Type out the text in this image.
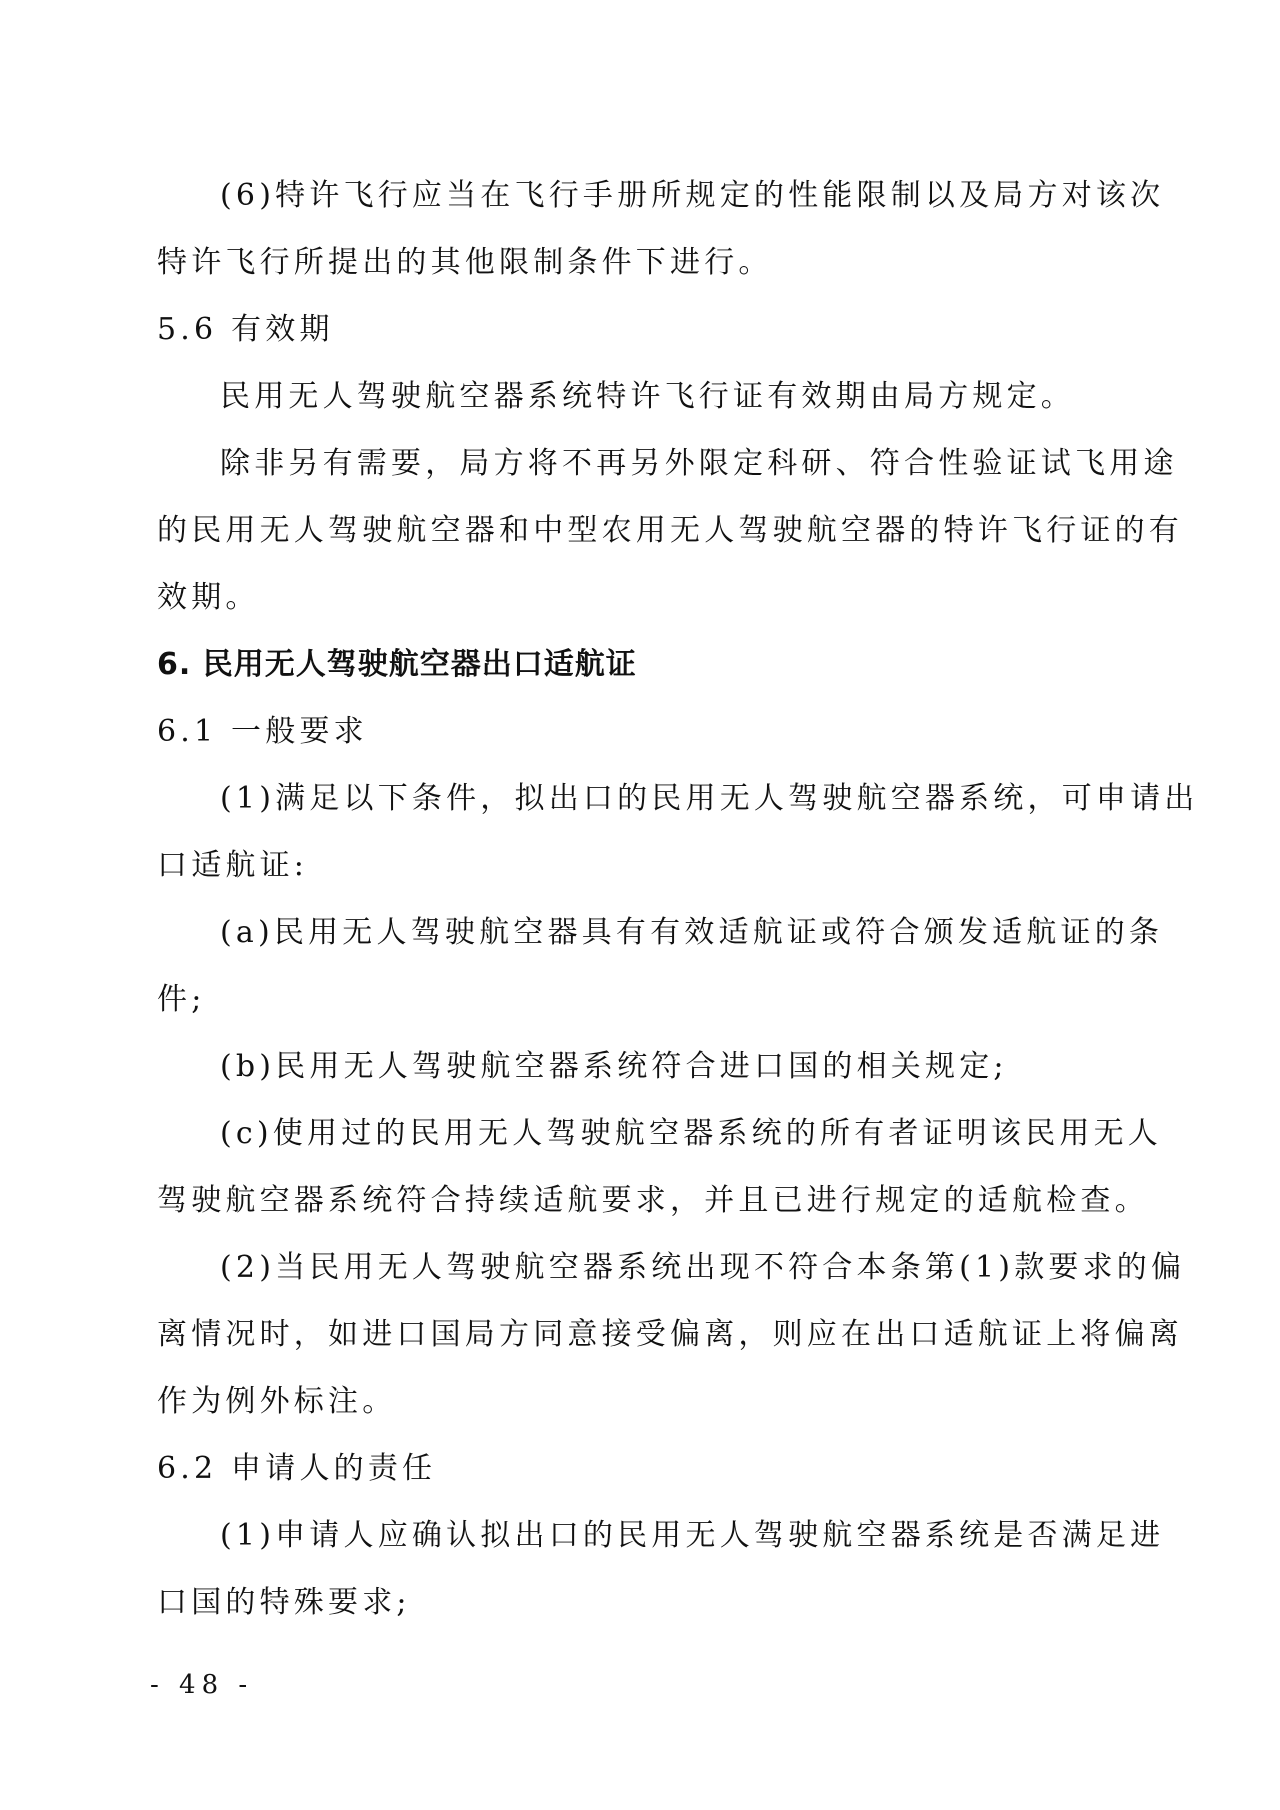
(6)特许飞行应当在飞行手册所规定的性能限制以及局方对该次
特许飞行所提出的其他限制条件下进行。
5.6 有效期
民用无人驾驶航空器系统特许飞行证有效期由局方规定。
除非另有需要，局方将不再另外限定科研、符合性验证试飞用途
的民用无人驾驶航空器和中型农用无人驾驶航空器的特许飞行证的有
效期。
6. 民用无人驾驶航空器出口适航证
6.1 一般要求
(1)满足以下条件，拟出口的民用无人驾驶航空器系统，可申请出
口适航证:
(a)民用无人驾驶航空器具有有效适航证或符合颁发适航证的条
件;
(b)民用无人驾驶航空器系统符合进口国的相关规定;
(c)使用过的民用无人驾驶航空器系统的所有者证明该民用无人
驾驶航空器系统符合持续适航要求，并且已进行规定的适航检查。
(2)当民用无人驾驶航空器系统出现不符合本条第(1)款要求的偏
离情况时，如进口国局方同意接受偏离，则应在出口适航证上将偏离
作为例外标注。
6.2 申请人的责任
(1)申请人应确认拟出口的民用无人驾驶航空器系统是否满足进
口国的特殊要求;
- 48 -
